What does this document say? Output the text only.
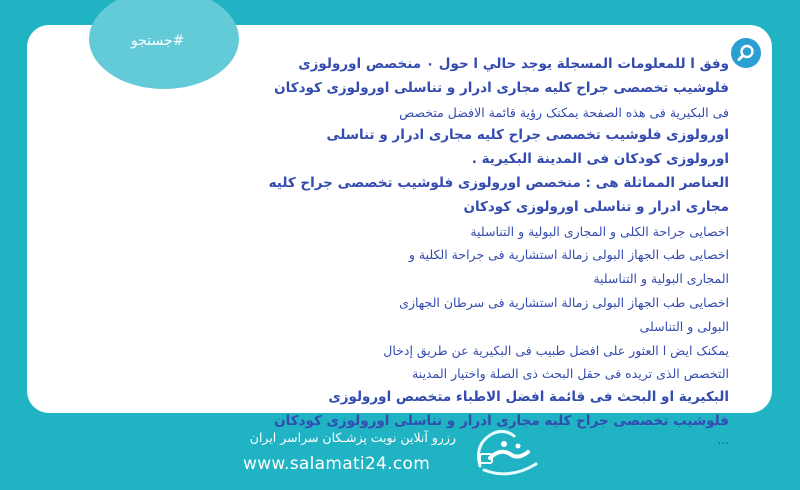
#جستجو
وفق ا للمعلومات المسجلة يوجد حالي ا حول ٠ منخصص اورولوزی
فلوشیب تخصصی جراح کلیه مجاری ادرار و تناسلی اورولوزی کودکان
فی البکیریة فی هذه الصفحة یمکنک رؤیة قائمة الافضل متخصص
اورولوزی فلوشیب تخصصی جراح کلیه مجاری ادرار و تناسلی
اورولوزی کودکان فی المدینة البکیریة .
العناصر المماثلة هی : منخصص اورولوزی فلوشیب تخصصی جراح کلیه
مجاری ادرار و تناسلی اورولوزی کودکان
اخصایی جراحة الکلی و المجاری البولیة و التناسلیة
اخصایی طب الجهاز البولی زمالة استشاریة فی جراحة الکلیة و
المجاری البولیة و التناسلیة
اخصایی طب الجهاز البولی زمالة استشاریة فی سرطان الجهازی
البولی و التناسلی
یمکنک ایض ا العثور علی افضل طبیب فی البکیریة عن طریق إدخال
التخصص الذی تریده فی حقل البحث ذی الصلة واختیار المدینة
البکیریة او البحث فی قائمة افضل الاطباء متخصص اورولوزی
فلوشیب تخصصی جراح کلیه مجاری ادرار و تناسلی اورولوزی کودکان
...
رزرو آنلاین نوبت پزشـکان سراسر ایران
www.salamati24.com
